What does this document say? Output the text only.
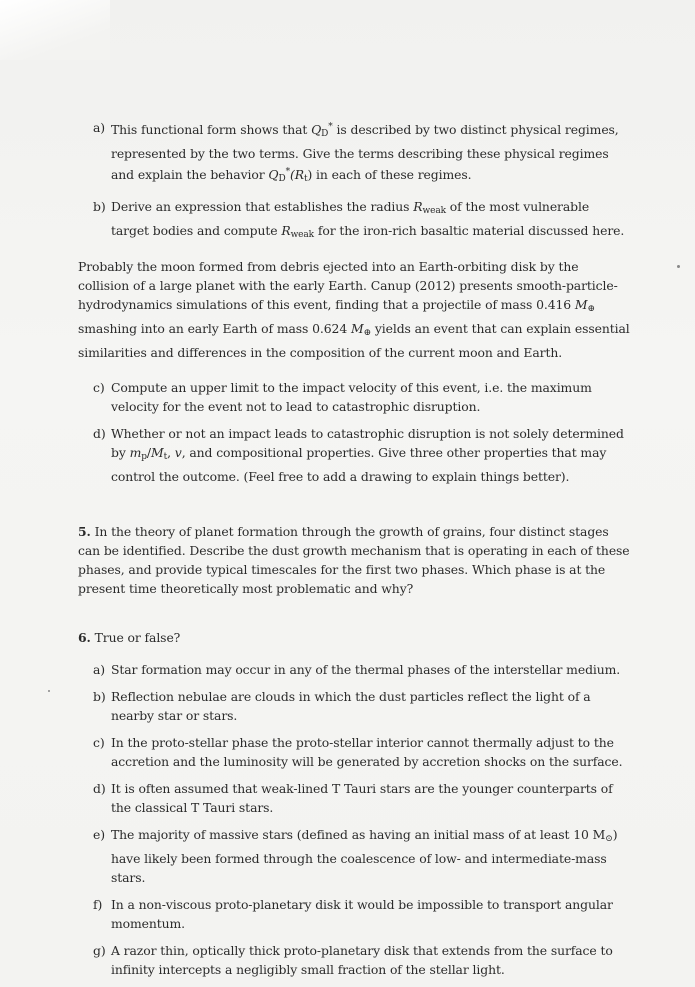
a) This functional form shows that $Q_D^*$ is described by two distinct physical regimes, represented by the two terms. Give the terms describing these physical regimes and explain the behavior $Q_D^*(R_t)$ in each of these regimes.
b) Derive an expression that establishes the radius $R_{weak}$ of the most vulnerable target bodies and compute $R_{weak}$ for the iron-rich basaltic material discussed here.
Probably the moon formed from debris ejected into an Earth-orbiting disk by the collision of a large planet with the early Earth. Canup (2012) presents smooth-particle-hydrodynamics simulations of this event, finding that a projectile of mass 0.416 $M_\oplus$ smashing into an early Earth of mass 0.624 $M_\oplus$ yields an event that can explain essential similarities and differences in the composition of the current moon and Earth.
c) Compute an upper limit to the impact velocity of this event, i.e. the maximum velocity for the event not to lead to catastrophic disruption.
d) Whether or not an impact leads to catastrophic disruption is not solely determined by $m_p/M_t$, v, and compositional properties. Give three other properties that may control the outcome. (Feel free to add a drawing to explain things better).
5. In the theory of planet formation through the growth of grains, four distinct stages can be identified. Describe the dust growth mechanism that is operating in each of these phases, and provide typical timescales for the first two phases. Which phase is at the present time theoretically most problematic and why?
6. True or false?
a) Star formation may occur in any of the thermal phases of the interstellar medium.
b) Reflection nebulae are clouds in which the dust particles reflect the light of a nearby star or stars.
c) In the proto-stellar phase the proto-stellar interior cannot thermally adjust to the accretion and the luminosity will be generated by accretion shocks on the surface.
d) It is often assumed that weak-lined T Tauri stars are the younger counterparts of the classical T Tauri stars.
e) The majority of massive stars (defined as having an initial mass of at least 10 $M_⊙$) have likely been formed through the coalescence of low- and intermediate-mass stars.
f) In a non-viscous proto-planetary disk it would be impossible to transport angular momentum.
g) A razor thin, optically thick proto-planetary disk that extends from the surface to infinity intercepts a negligibly small fraction of the stellar light.
